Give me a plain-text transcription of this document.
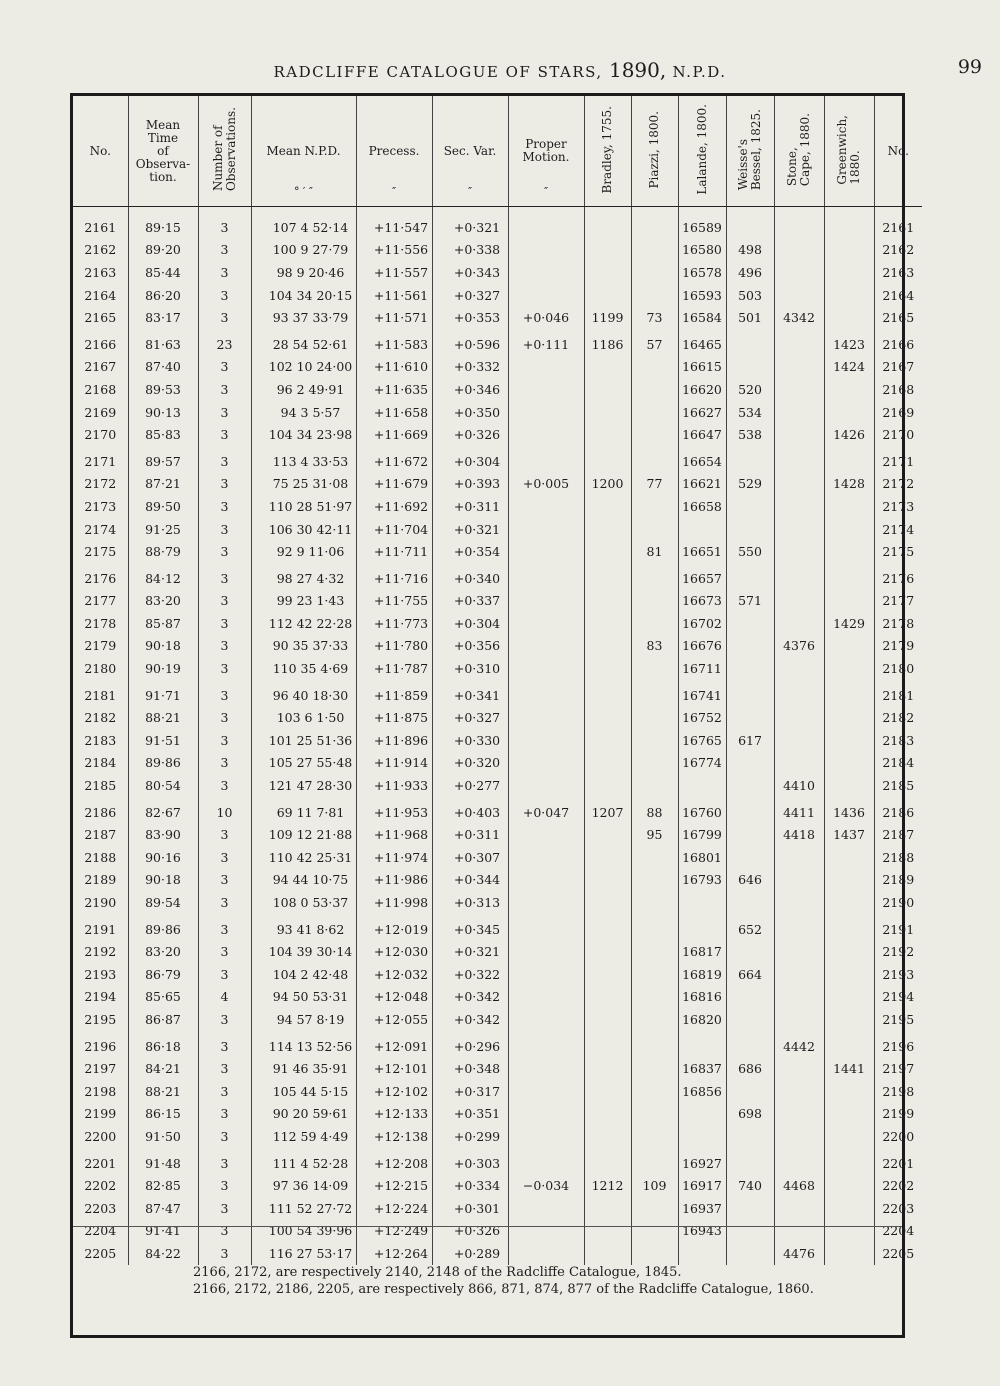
RADCLIFFE CATALOGUE OF STARS, 1890, N.P.D.	99
No.	Mean
Time
of
Observa-
tion.	Number of
Observations.	Mean N.P.D.
° ′ ″	Precess.
″	Sec. Var.
″	Proper
Motion.
″	Bradley, 1755.	Piazzi, 1800.	Lalande, 1800.	Weisse's
Bessel, 1825.	Stone,
Cape, 1880.	Greenwich,
1880.	No.
2161	89·15	3	107 4 52·14	+11·547	+0·321				16589				2161
2162	89·20	3	100 9 27·79	+11·556	+0·338				16580	498			2162
2163	85·44	3	98 9 20·46	+11·557	+0·343				16578	496			2163
2164	86·20	3	104 34 20·15	+11·561	+0·327				16593	503			2164
2165	83·17	3	93 37 33·79	+11·571	+0·353	+0·046	1199	73	16584	501	4342		2165
2166	81·63	23	28 54 52·61	+11·583	+0·596	+0·111	1186	57	16465			1423	2166
2167	87·40	3	102 10 24·00	+11·610	+0·332				16615			1424	2167
2168	89·53	3	96 2 49·91	+11·635	+0·346				16620	520			2168
2169	90·13	3	94 3 5·57	+11·658	+0·350				16627	534			2169
2170	85·83	3	104 34 23·98	+11·669	+0·326				16647	538		1426	2170
2171	89·57	3	113 4 33·53	+11·672	+0·304				16654				2171
2172	87·21	3	75 25 31·08	+11·679	+0·393	+0·005	1200	77	16621	529		1428	2172
2173	89·50	3	110 28 51·97	+11·692	+0·311				16658				2173
2174	91·25	3	106 30 42·11	+11·704	+0·321								2174
2175	88·79	3	92 9 11·06	+11·711	+0·354			81	16651	550			2175
2176	84·12	3	98 27 4·32	+11·716	+0·340				16657				2176
2177	83·20	3	99 23 1·43	+11·755	+0·337				16673	571			2177
2178	85·87	3	112 42 22·28	+11·773	+0·304				16702			1429	2178
2179	90·18	3	90 35 37·33	+11·780	+0·356			83	16676		4376		2179
2180	90·19	3	110 35 4·69	+11·787	+0·310				16711				2180
2181	91·71	3	96 40 18·30	+11·859	+0·341				16741				2181
2182	88·21	3	103 6 1·50	+11·875	+0·327				16752				2182
2183	91·51	3	101 25 51·36	+11·896	+0·330				16765	617			2183
2184	89·86	3	105 27 55·48	+11·914	+0·320				16774				2184
2185	80·54	3	121 47 28·30	+11·933	+0·277						4410		2185
2186	82·67	10	69 11 7·81	+11·953	+0·403	+0·047	1207	88	16760		4411	1436	2186
2187	83·90	3	109 12 21·88	+11·968	+0·311			95	16799		4418	1437	2187
2188	90·16	3	110 42 25·31	+11·974	+0·307				16801				2188
2189	90·18	3	94 44 10·75	+11·986	+0·344				16793	646			2189
2190	89·54	3	108 0 53·37	+11·998	+0·313								2190
2191	89·86	3	93 41 8·62	+12·019	+0·345					652			2191
2192	83·20	3	104 39 30·14	+12·030	+0·321				16817				2192
2193	86·79	3	104 2 42·48	+12·032	+0·322				16819	664			2193
2194	85·65	4	94 50 53·31	+12·048	+0·342				16816				2194
2195	86·87	3	94 57 8·19	+12·055	+0·342				16820				2195
2196	86·18	3	114 13 52·56	+12·091	+0·296						4442		2196
2197	84·21	3	91 46 35·91	+12·101	+0·348				16837	686		1441	2197
2198	88·21	3	105 44 5·15	+12·102	+0·317				16856				2198
2199	86·15	3	90 20 59·61	+12·133	+0·351					698			2199
2200	91·50	3	112 59 4·49	+12·138	+0·299								2200
2201	91·48	3	111 4 52·28	+12·208	+0·303				16927				2201
2202	82·85	3	97 36 14·09	+12·215	+0·334	−0·034	1212	109	16917	740	4468		2202
2203	87·47	3	111 52 27·72	+12·224	+0·301				16937				2203
2204	91·41	3	100 54 39·96	+12·249	+0·326				16943				2204
2205	84·22	3	116 27 53·17	+12·264	+0·289						4476		2205
2166, 2172, are respectively 2140, 2148 of the Radcliffe Catalogue, 1845.
2166, 2172, 2186, 2205, are respectively 866, 871, 874, 877 of the Radcliffe Catalogue, 1860.
